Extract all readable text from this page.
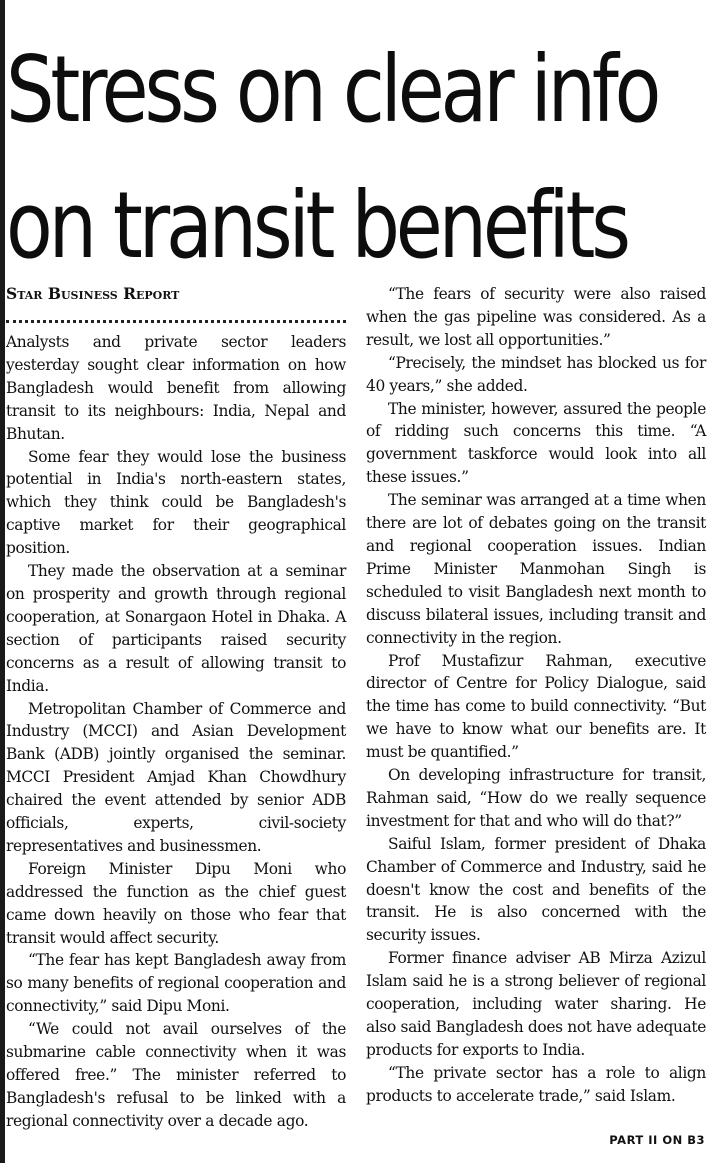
Stress on clear info
on transit benefits
Star Business Report

Analysts and private sector leaders yesterday sought clear information on how Bangladesh would benefit from allowing transit to its neighbours: India, Nepal and Bhutan.

Some fear they would lose the business potential in India's north-eastern states, which they think could be Bangladesh's captive market for their geographical position.

They made the observation at a seminar on prosperity and growth through regional cooperation, at Sonargaon Hotel in Dhaka. A section of participants raised security concerns as a result of allowing transit to India.

Metropolitan Chamber of Commerce and Industry (MCCI) and Asian Development Bank (ADB) jointly organised the seminar. MCCI President Amjad Khan Chowdhury chaired the event attended by senior ADB officials, experts, civil-society representatives and businessmen.

Foreign Minister Dipu Moni who addressed the function as the chief guest came down heavily on those who fear that transit would affect security.

“The fear has kept Bangladesh away from so many benefits of regional cooperation and connectivity,” said Dipu Moni.

“We could not avail ourselves of the submarine cable connectivity when it was offered free.” The minister referred to Bangladesh's refusal to be linked with a regional connectivity over a decade ago.

“The fears of security were also raised when the gas pipeline was considered. As a result, we lost all opportunities.”

“Precisely, the mindset has blocked us for 40 years,” she added.

The minister, however, assured the people of ridding such concerns this time. “A government taskforce would look into all these issues.”

The seminar was arranged at a time when there are lot of debates going on the transit and regional cooperation issues. Indian Prime Minister Manmohan Singh is scheduled to visit Bangladesh next month to discuss bilateral issues, including transit and connectivity in the region.

Prof Mustafizur Rahman, executive director of Centre for Policy Dialogue, said the time has come to build connectivity. “But we have to know what our benefits are. It must be quantified.”

On developing infrastructure for transit, Rahman said, “How do we really sequence investment for that and who will do that?”

Saiful Islam, former president of Dhaka Chamber of Commerce and Industry, said he doesn't know the cost and benefits of the transit. He is also concerned with the security issues.

Former finance adviser AB Mirza Azizul Islam said he is a strong believer of regional cooperation, including water sharing. He also said Bangladesh does not have adequate products for exports to India.

“The private sector has a role to align products to accelerate trade,” said Islam.

PART II ON B3
